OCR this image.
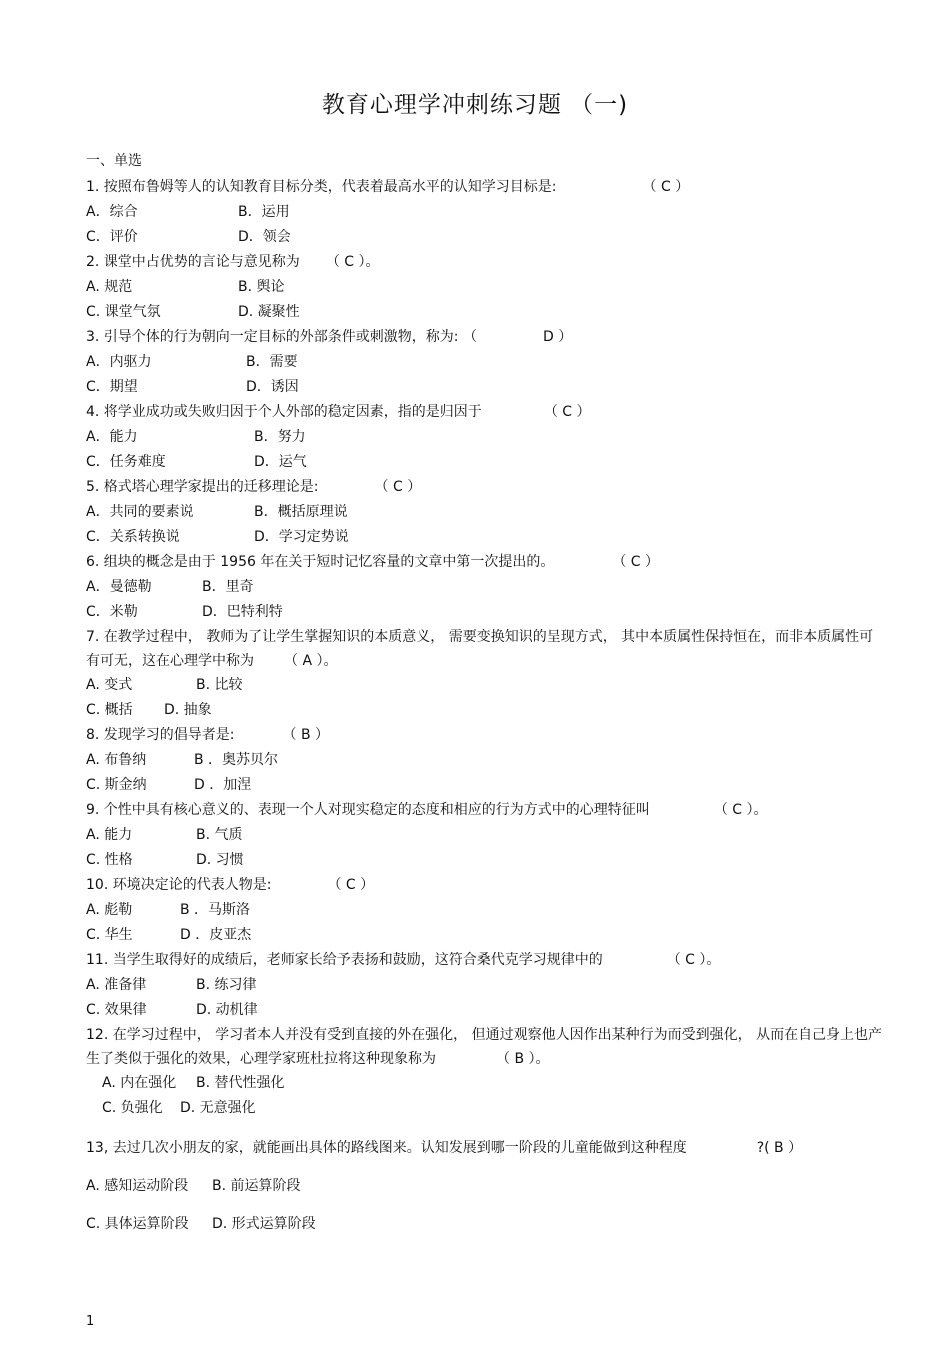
教育心理学冲刺练习题 （一)
一、单选
1. 按照布鲁姆等人的认知教育目标分类，代表着最高水平的认知学习目标是:	（ C ）
A．综合	B．运用
C．评价	D．领会
2. 课堂中占优势的言论与意见称为 （ C ）。
A. 规范	B. 舆论
C. 课堂气氛	D. 凝聚性
3. 引导个体的行为朝向一定目标的外部条件或刺激物，称为: （	D ）
A．内驱力	B．需要
C．期望	D．诱因
4. 将学业成功或失败归因于个人外部的稳定因素，指的是归因于	（ C ）
A．能力	B．努力
C．任务难度	D．运气
5. 格式塔心理学家提出的迁移理论是:	（ C ）
A．共同的要素说	B．概括原理说
C．关系转换说	D．学习定势说
6. 组块的概念是由于 1956 年在关于短时记忆容量的文章中第一次提出的。	（ C ）
A．曼德勒	B．里奇
C．米勒	D．巴特利特
7. 在教学过程中， 教师为了让学生掌握知识的本质意义， 需要变换知识的呈现方式， 其中本质属性保持恒在，而非本质属性可有可无，这在心理学中称为 （ A ）。
A. 变式	B. 比较
C. 概括 D. 抽象
8. 发现学习的倡导者是:	（ B ）
A. 布鲁纳	B ．奥苏贝尔
C. 斯金纳	D ．加涅
9. 个性中具有核心意义的、表现一个人对现实稳定的态度和相应的行为方式中的心理特征叫	（ C ）。
A. 能力	B. 气质
C. 性格	D. 习惯
10. 环境决定论的代表人物是:	（ C ）
A. 彪勒	B ．马斯洛
C. 华生	D ．皮亚杰
11. 当学生取得好的成绩后，老师家长给予表扬和鼓励，这符合桑代克学习规律中的	（ C ）。
A. 准备律	B. 练习律
C. 效果律	D. 动机律
12. 在学习过程中， 学习者本人并没有受到直接的外在强化， 但通过观察他人因作出某种行为而受到强化， 从而在自己身上也产生了类似于强化的效果，心理学家班杜拉将这种现象称为	（ B ）。
A. 内在强化 B. 替代性强化
C. 负强化 D. 无意强化
13, 去过几次小朋友的家，就能画出具体的路线图来。认知发展到哪一阶段的儿童能做到这种程度	?( B ）
A. 感知运动阶段 B. 前运算阶段
C. 具体运算阶段 D. 形式运算阶段
1
